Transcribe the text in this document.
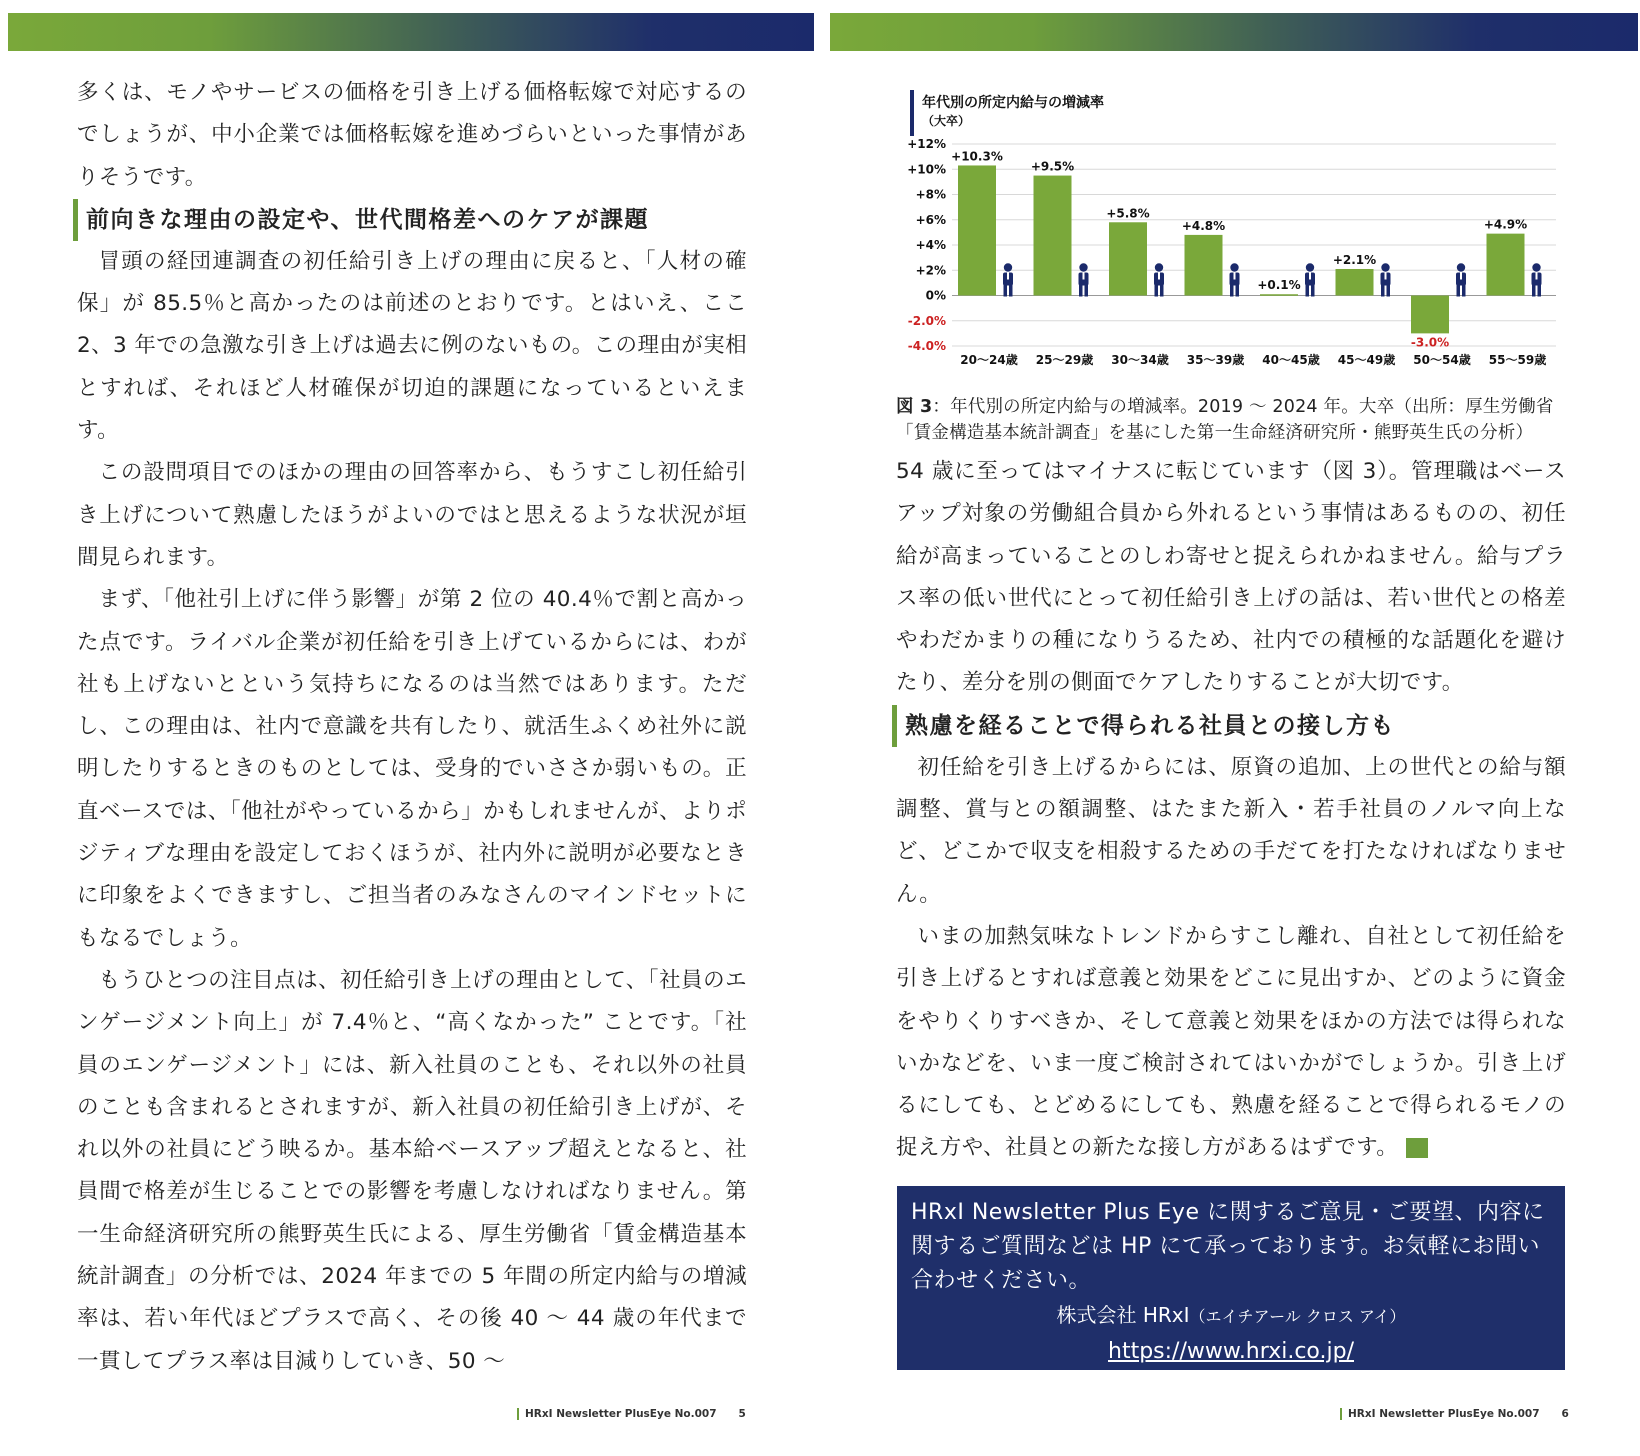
多くは、モノやサービスの価格を引き上げる価格転嫁で対応するのでしょうが、中小企業では価格転嫁を進めづらいといった事情がありそうです。

前向きな理由の設定や、世代間格差へのケアが課題

冒頭の経団連調査の初任給引き上げの理由に戻ると、「人材の確保」が 85.5％と高かったのは前述のとおりです。とはいえ、ここ 2、3 年での急激な引き上げは過去に例のないもの。この理由が実相とすれば、それほど人材確保が切迫的課題になっているといえます。

この設問項目でのほかの理由の回答率から、もうすこし初任給引き上げについて熟慮したほうがよいのではと思えるような状況が垣間見られます。

まず、「他社引上げに伴う影響」が第 2 位の 40.4％で割と高かった点です。ライバル企業が初任給を引き上げているからには、わが社も上げないとという気持ちになるのは当然ではあります。ただし、この理由は、社内で意識を共有したり、就活生ふくめ社外に説明したりするときのものとしては、受身的でいささか弱いもの。正直ベースでは、「他社がやっているから」かもしれませんが、よりポジティブな理由を設定しておくほうが、社内外に説明が必要なときに印象をよくできますし、ご担当者のみなさんのマインドセットにもなるでしょう。

もうひとつの注目点は、初任給引き上げの理由として、「社員のエンゲージメント向上」が 7.4％と、“高くなかった” ことです。「社員のエンゲージメント」には、新入社員のことも、それ以外の社員のことも含まれるとされますが、新入社員の初任給引き上げが、それ以外の社員にどう映るか。基本給ベースアップ超えとなると、社員間で格差が生じることでの影響を考慮しなければなりません。第一生命経済研究所の熊野英生氏による、厚生労働省「賃金構造基本統計調査」の分析では、2024 年までの 5 年間の所定内給与の増減率は、若い年代ほどプラスで高く、その後 40 ～ 44 歳の年代まで一貫してプラス率は目減りしていき、50 ～

HRxI Newsletter PlusEye No.007 5
年代別の所定内給与の増減率
（大卒）
+12%
+10%
+8%
+6%
+4%
+2%
0%
-2.0%
-4.0%
+10.3%
20～24歳
+9.5%
25～29歳
+5.8%
30～34歳
+4.8%
35～39歳
+0.1%
40～45歳
+2.1%
45～49歳
-3.0%
50～54歳
+4.9%
55～59歳
図 3：年代別の所定内給与の増減率。2019 ～ 2024 年。大卒（出所：厚生労働省「賃金構造基本統計調査」を基にした第一生命経済研究所・熊野英生氏の分析）

54 歳に至ってはマイナスに転じています（図 3）。管理職はベースアップ対象の労働組合員から外れるという事情はあるものの、初任給が高まっていることのしわ寄せと捉えられかねません。給与プラス率の低い世代にとって初任給引き上げの話は、若い世代との格差やわだかまりの種になりうるため、社内での積極的な話題化を避けたり、差分を別の側面でケアしたりすることが大切です。

熟慮を経ることで得られる社員との接し方も

初任給を引き上げるからには、原資の追加、上の世代との給与額調整、賞与との額調整、はたまた新入・若手社員のノルマ向上など、どこかで収支を相殺するための手だてを打たなければなりません。

いまの加熱気味なトレンドからすこし離れ、自社として初任給を引き上げるとすれば意義と効果をどこに見出すか、どのように資金をやりくりすべきか、そして意義と効果をほかの方法では得られないかなどを、いま一度ご検討されてはいかがでしょうか。引き上げるにしても、とどめるにしても、熟慮を経ることで得られるモノの捉え方や、社員との新たな接し方があるはずです。 HR

HRxI Newsletter Plus Eye に関するご意見・ご要望、内容に関するご質問などは HP にて承っております。お気軽にお問い合わせください。
株式会社 HRxI（エイチアール クロス アイ）
https://www.hrxi.co.jp/
HRxI Newsletter PlusEye No.007 6
